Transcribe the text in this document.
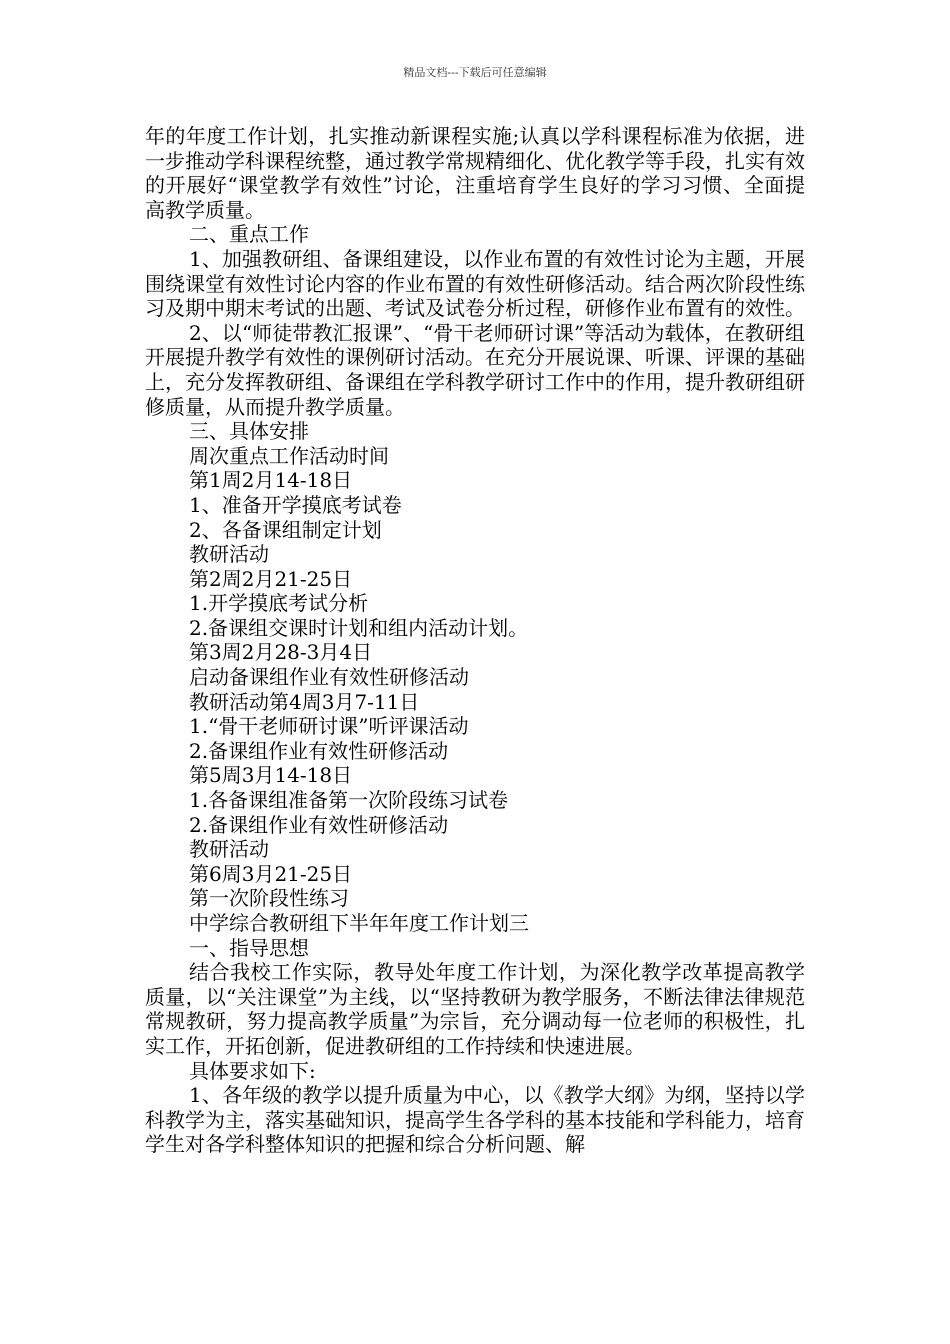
精品文档---下载后可任意编辑

年的年度工作计划，扎实推动新课程实施;认真以学科课程标准为依据，进一步推动学科课程统整，通过教学常规精细化、优化教学等手段，扎实有效的开展好“课堂教学有效性”讨论，注重培育学生良好的学习习惯、全面提高教学质量。

二、重点工作

1、加强教研组、备课组建设，以作业布置的有效性讨论为主题，开展围绕课堂有效性讨论内容的作业布置的有效性研修活动。结合两次阶段性练习及期中期末考试的出题、考试及试卷分析过程，研修作业布置有的效性。

2、以“师徒带教汇报课”、“骨干老师研讨课”等活动为载体，在教研组开展提升教学有效性的课例研讨活动。在充分开展说课、听课、评课的基础上，充分发挥教研组、备课组在学科教学研讨工作中的作用，提升教研组研修质量，从而提升教学质量。

三、具体安排

周次重点工作活动时间

第1周2月14-18日

1、准备开学摸底考试卷

2、各备课组制定计划

教研活动

第2周2月21-25日

1.开学摸底考试分析

2.备课组交课时计划和组内活动计划。

第3周2月28-3月4日

启动备课组作业有效性研修活动

教研活动第4周3月7-11日

1.“骨干老师研讨课”听评课活动

2.备课组作业有效性研修活动

第5周3月14-18日

1.各备课组准备第一次阶段练习试卷

2.备课组作业有效性研修活动

教研活动

第6周3月21-25日

第一次阶段性练习

中学综合教研组下半年年度工作计划三

一、指导思想

结合我校工作实际，教导处年度工作计划，为深化教学改革提高教学质量，以“关注课堂”为主线，以“坚持教研为教学服务，不断法律法律规范常规教研，努力提高教学质量”为宗旨，充分调动每一位老师的积极性，扎实工作，开拓创新，促进教研组的工作持续和快速进展。

具体要求如下:

1、各年级的教学以提升质量为中心，以《教学大纲》为纲，坚持以学科教学为主，落实基础知识，提高学生各学科的基本技能和学科能力，培育学生对各学科整体知识的把握和综合分析问题、解
